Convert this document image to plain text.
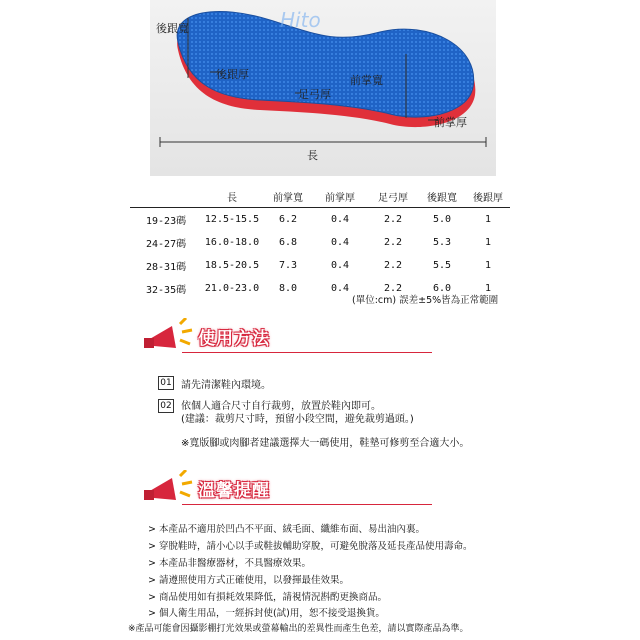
Hito
後跟寬
後跟厚
足弓厚
前掌寬
前掌厚
長
	長	前掌寬	前掌厚	足弓厚	後跟寬	後跟厚
19-23碼	12.5-15.5	6.2	0.4	2.2	5.0	1
24-27碼	16.0-18.0	6.8	0.4	2.2	5.3	1
28-31碼	18.5-20.5	7.3	0.4	2.2	5.5	1
32-35碼	21.0-23.0	8.0	0.4	2.2	6.0	1
(單位:cm) 誤差±5%皆為正常範圍
使用方法
01 請先清潔鞋內環境。
02 依個人適合尺寸自行裁剪，放置於鞋內即可。
(建議：裁剪尺寸時，預留小段空間，避免裁剪過頭。)
※寬版腳或肉腳者建議選擇大一碼使用，鞋墊可修剪至合適大小。
溫馨提醒
> 本產品不適用於凹凸不平面、絨毛面、纖維布面、易出油內裏。
> 穿脫鞋時，請小心以手或鞋拔輔助穿脫，可避免脫落及延長產品使用壽命。
> 本產品非醫療器材，不具醫療效果。
> 請遵照使用方式正確使用，以發揮最佳效果。
> 商品使用如有損耗效果降低，請視情況斟酌更換商品。
> 個人衛生用品，一經拆封使(試)用，恕不接受退換貨。
※產品可能會因攝影棚打光效果或螢幕輸出的差異性而產生色差，請以實際產品為準。
